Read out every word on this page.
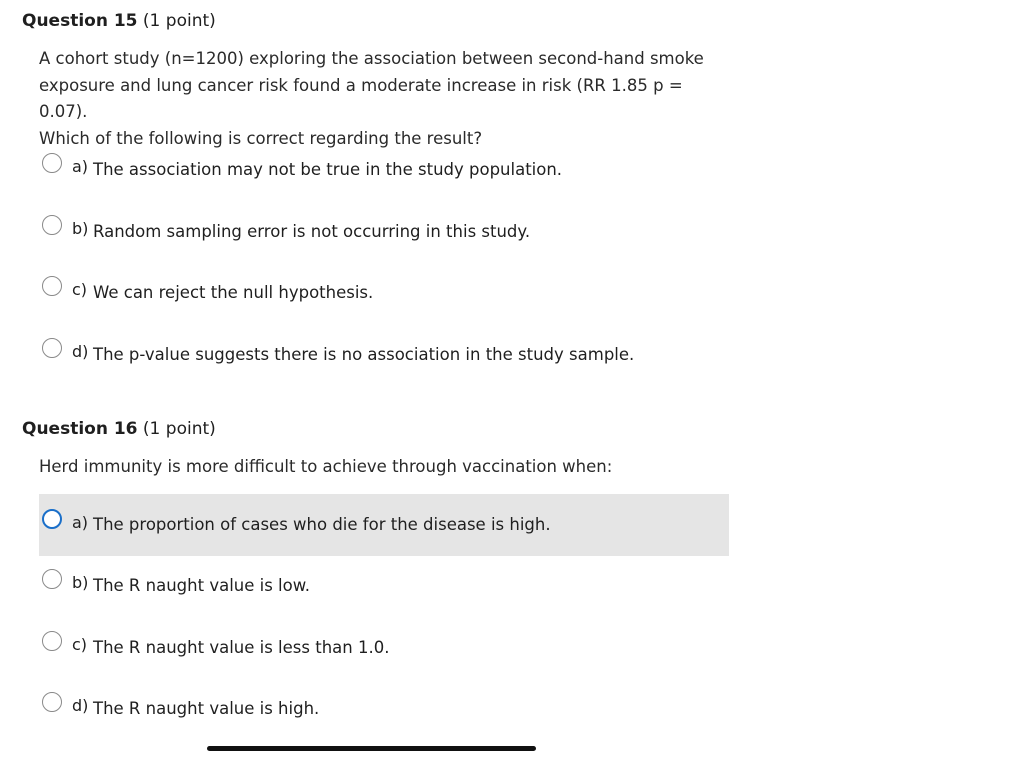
Question 15 (1 point)
A cohort study (n=1200) exploring the association between second-hand smoke
exposure and lung cancer risk found a moderate increase in risk (RR 1.85 p = 0.07).
Which of the following is correct regarding the result?
a) The association may not be true in the study population.
b) Random sampling error is not occurring in this study.
c) We can reject the null hypothesis.
d) The p-value suggests there is no association in the study sample.
Question 16 (1 point)
Herd immunity is more difficult to achieve through vaccination when:
a) The proportion of cases who die for the disease is high.
b) The R naught value is low.
c) The R naught value is less than 1.0.
d) The R naught value is high.
